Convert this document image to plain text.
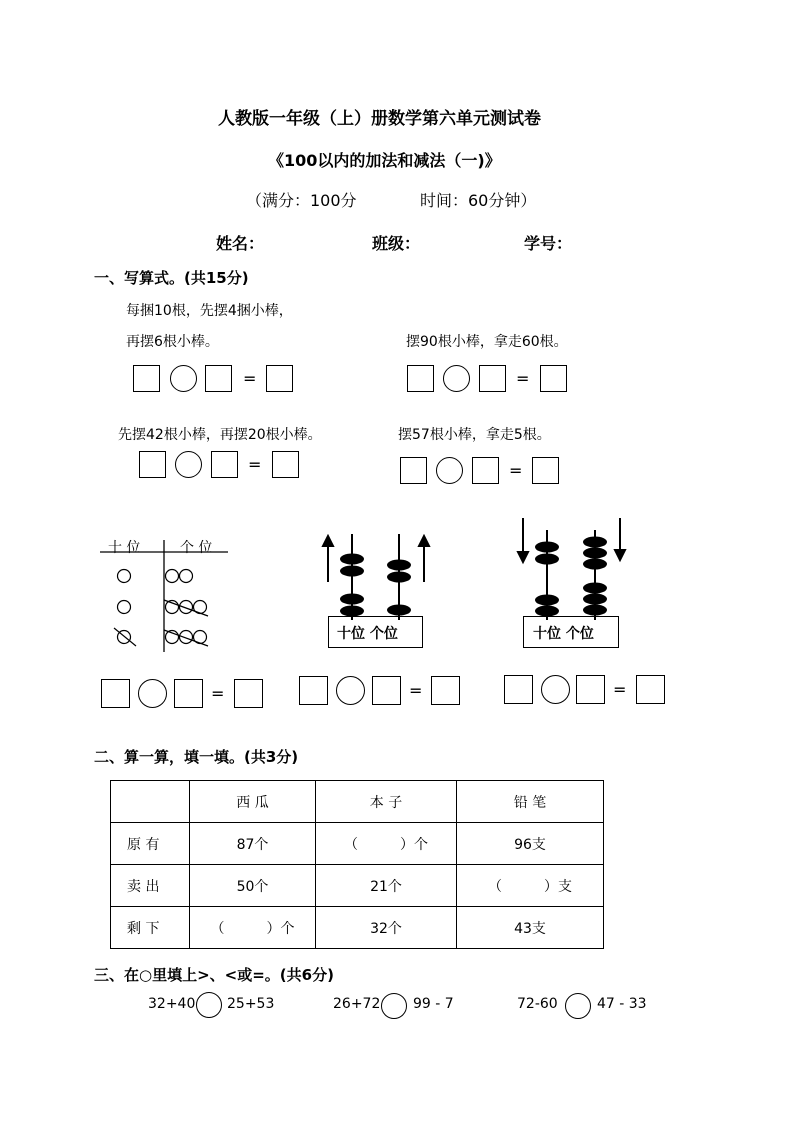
人教版一年级（上）册数学第六单元测试卷
《100以内的加法和减法（一)》
（满分：100分	时间：60分钟）
姓名：	班级：	学号：
一、写算式。(共15分)
每捆10根，先摆4捆小棒，
再摆6根小棒。	摆90根小棒，拿走60根。
=	=
先摆42根小棒，再摆20根小棒。	摆57根小棒，拿走5根。
=	=
十 位	个 位
十位 个位	十位 个位
=	=	=
二、算一算，填一填。(共3分)
	西 瓜	本 子	铅 笔
原 有	87个	（　　　）个	96支
卖 出	50个	21个	（　　　）支
剩 下	（　　　）个	32个	43支
三、在○里填上>、<或=。(共6分)
32+40 25+53	26+72 99 - 7	72-60	47 - 33
